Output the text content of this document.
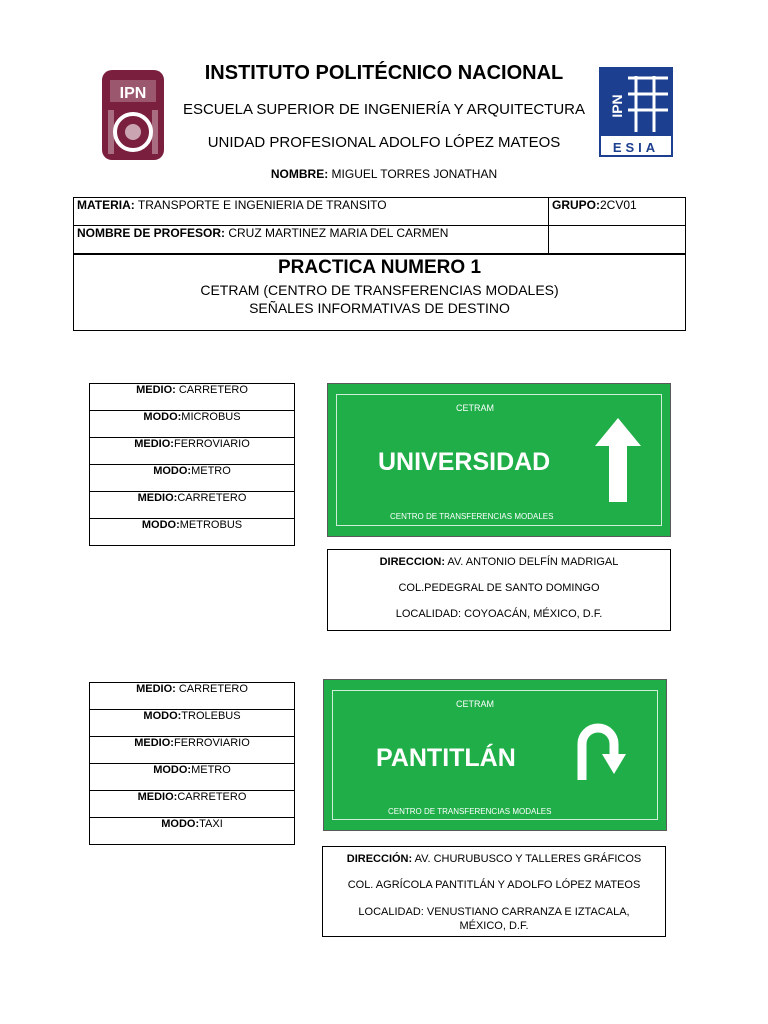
IPN
IPN
ESIA
INSTITUTO POLITÉCNICO NACIONAL
ESCUELA SUPERIOR DE INGENIERÍA Y ARQUITECTURA
UNIDAD PROFESIONAL ADOLFO LÓPEZ MATEOS
NOMBRE: MIGUEL TORRES JONATHAN
MATERIA: TRANSPORTE E INGENIERIA DE TRANSITO	GRUPO:2CV01
NOMBRE DE PROFESOR: CRUZ MARTINEZ MARIA DEL CARMEN	
PRACTICA NUMERO 1
CETRAM (CENTRO DE TRANSFERENCIAS MODALES)
SEÑALES INFORMATIVAS DE DESTINO
MEDIO: CARRETERO
MODO:MICROBUS
MEDIO:FERROVIARIO
MODO:METRO
MEDIO:CARRETERO
MODO:METROBUS
CETRAM
UNIVERSIDAD
CENTRO DE TRANSFERENCIAS MODALES
DIRECCION: AV. ANTONIO DELFÍN MADRIGAL
COL.PEDEGRAL DE SANTO DOMINGO
LOCALIDAD: COYOACÁN, MÉXICO, D.F.
MEDIO: CARRETERO
MODO:TROLEBUS
MEDIO:FERROVIARIO
MODO:METRO
MEDIO:CARRETERO
MODO:TAXI
CETRAM
PANTITLÁN
CENTRO DE TRANSFERENCIAS MODALES
DIRECCIÓN: AV. CHURUBUSCO Y TALLERES GRÁFICOS
COL. AGRÍCOLA PANTITLÁN Y ADOLFO LÓPEZ MATEOS
LOCALIDAD: VENUSTIANO CARRANZA E IZTACALA,
MÉXICO, D.F.
